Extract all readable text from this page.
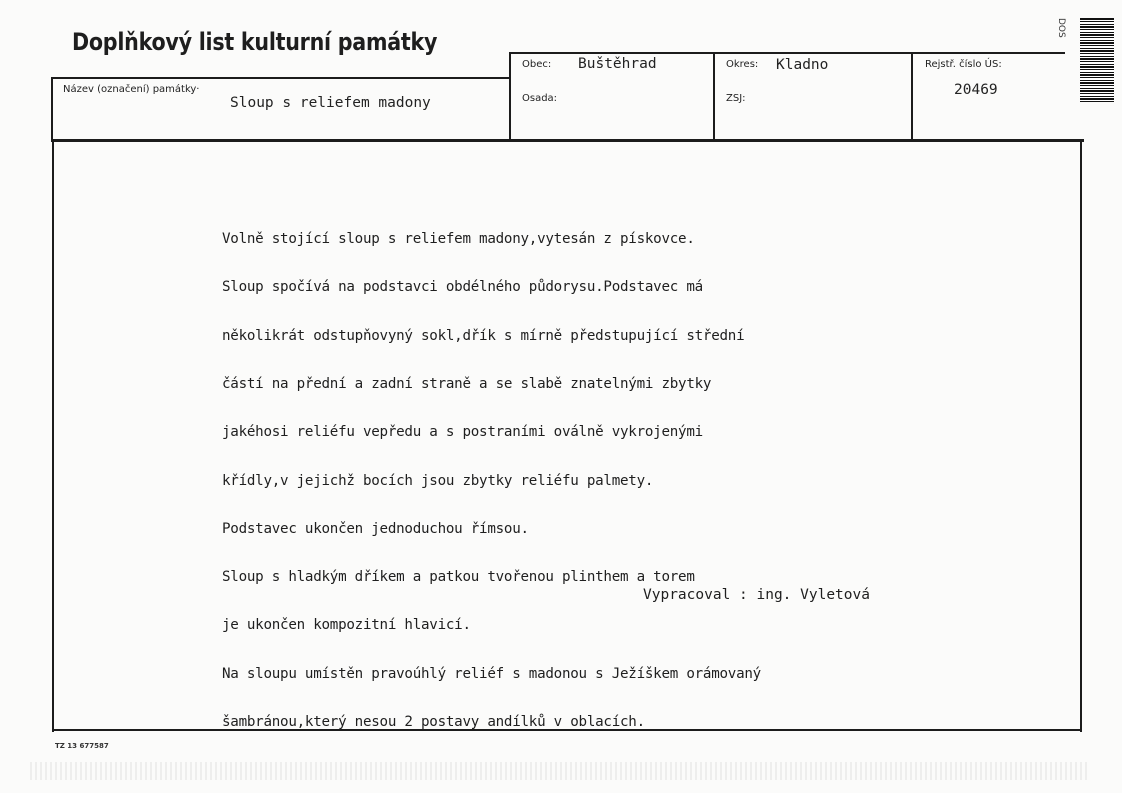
Doplňkový list kulturní památky
DOS
Název (označení) památky·
Sloup s reliefem madony
Obec: Buštěhrad
Osada:
Okres: Kladno
ZSJ:
Rejstř. číslo ÚS:
20469

Volně stojící sloup s reliefem madony,vytesán z pískovce.

Sloup spočívá na podstavci obdélného půdorysu.Podstavec má

několikrát odstupňovyný sokl,dřík s mírně předstupující střední

částí na přední a zadní straně a se slabě znatelnými zbytky

jakéhosi reliéfu vepředu a s postraními oválně vykrojenými

křídly,v jejichž bocích jsou zbytky reliéfu palmety.

Podstavec ukončen jednoduchou římsou.

Sloup s hladkým dříkem a patkou tvořenou plinthem a torem

je ukončen kompozitní hlavicí.

Na sloupu umístěn pravoúhlý reliéf s madonou s Ježíškem orámovaný

šambránou,který nesou 2 postavy andílků v oblacích.

Vypracoval : ing. Vyletová
TZ 13 677587
